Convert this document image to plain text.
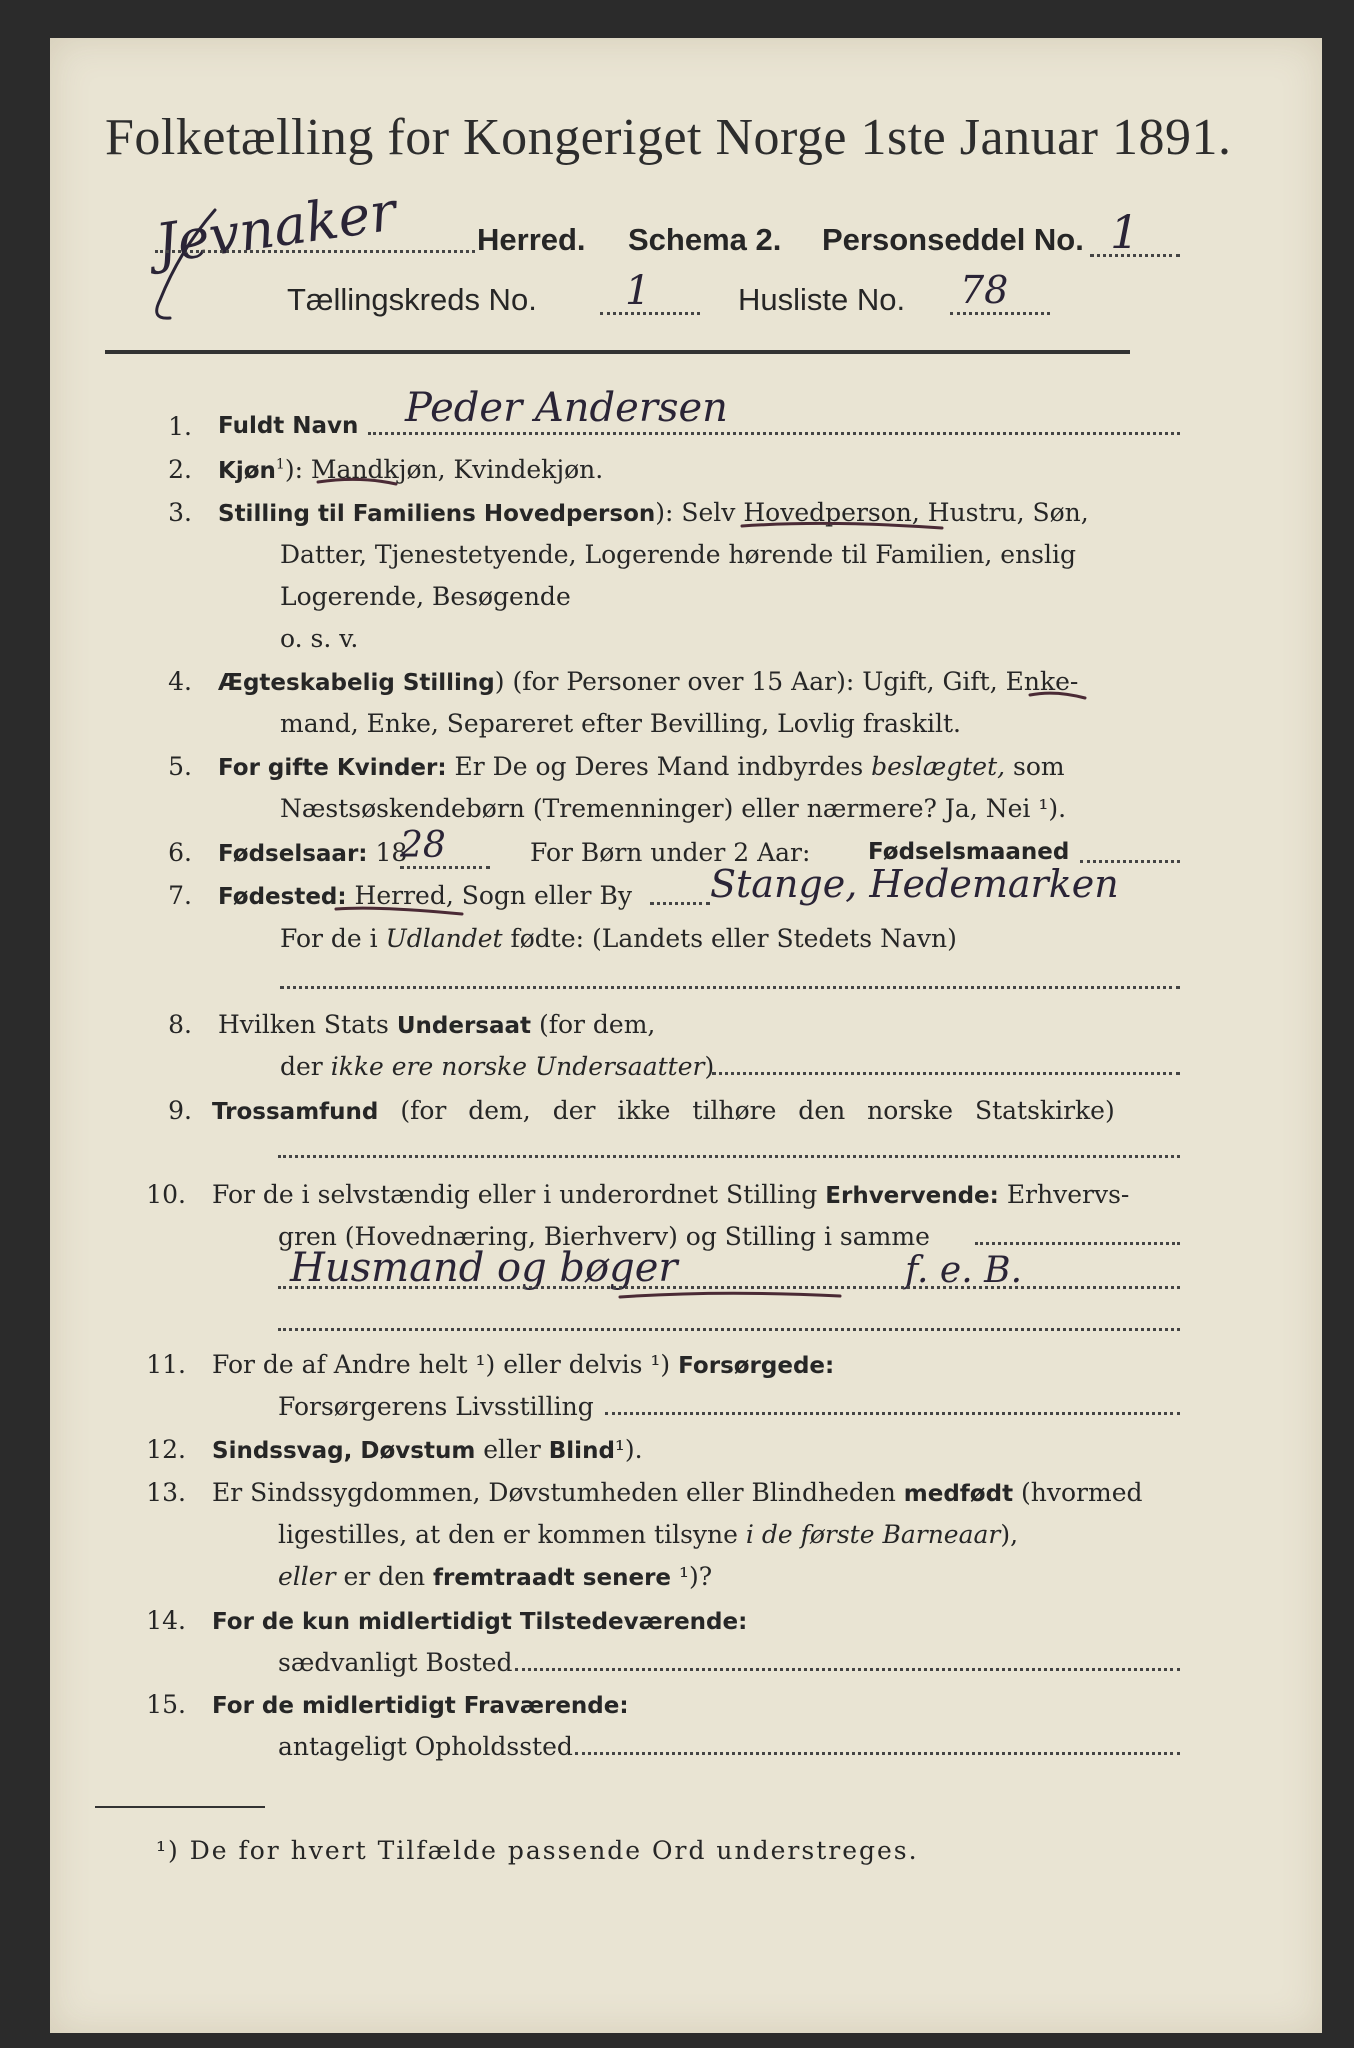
Folketælling for Kongeriget Norge 1ste Januar 1891.
Jevnaker Herred. Schema 2. Personseddel No. 1
Tællingskreds No. 1	Husliste No. 78
1. Fuldt Navn Peder Andersen
2. Kjøn$^1$): Mandkjøn, Kvindekjøn.
3. Stilling til Familiens Hovedperson): Selv Hovedperson, Hustru, Søn,
Datter, Tjenestetyende, Logerende hørende til Familien, enslig
Logerende, Besøgende
o. s. v.
4. Ægteskabelig Stilling) (for Personer over 15 Aar): Ugift, Gift, Enke-
mand, Enke, Separeret efter Bevilling, Lovlig fraskilt.
5. For gifte Kvinder: Er De og Deres Mand indbyrdes beslægtet, som
Næstsøskendebørn (Tremenninger) eller nærmere? Ja, Nei ¹).
6. Fødselsaar: 18
28	For Børn under 2 Aar:	Fødselsmaaned
7. Fødested: Herred, Sogn eller By Stange, Hedemarken
For de i Udlandet fødte: (Landets eller Stedets Navn)
8. Hvilken Stats Undersaat (for dem,
der ikke ere norske Undersaatter)
9. Trossamfund (for dem, der ikke tilhøre den norske Statskirke)
10. For de i selvstændig eller i underordnet Stilling Erhvervende: Erhvervs-
gren (Hovednæring, Bierhverv) og Stilling i samme
Husmand og bøger	f. e. B.
11. For de af Andre helt ¹) eller delvis ¹) Forsørgede:
Forsørgerens Livsstilling
12. Sindssvag, Døvstum eller Blind¹).
13. Er Sindssygdommen, Døvstumheden eller Blindheden medfødt (hvormed
ligestilles, at den er kommen tilsyne i de første Barneaar),
eller er den fremtraadt senere ¹)?
14. For de kun midlertidigt Tilstedeværende:
sædvanligt Bosted
15. For de midlertidigt Fraværende:
antageligt Opholdssted
¹) De for hvert Tilfælde passende Ord understreges.
